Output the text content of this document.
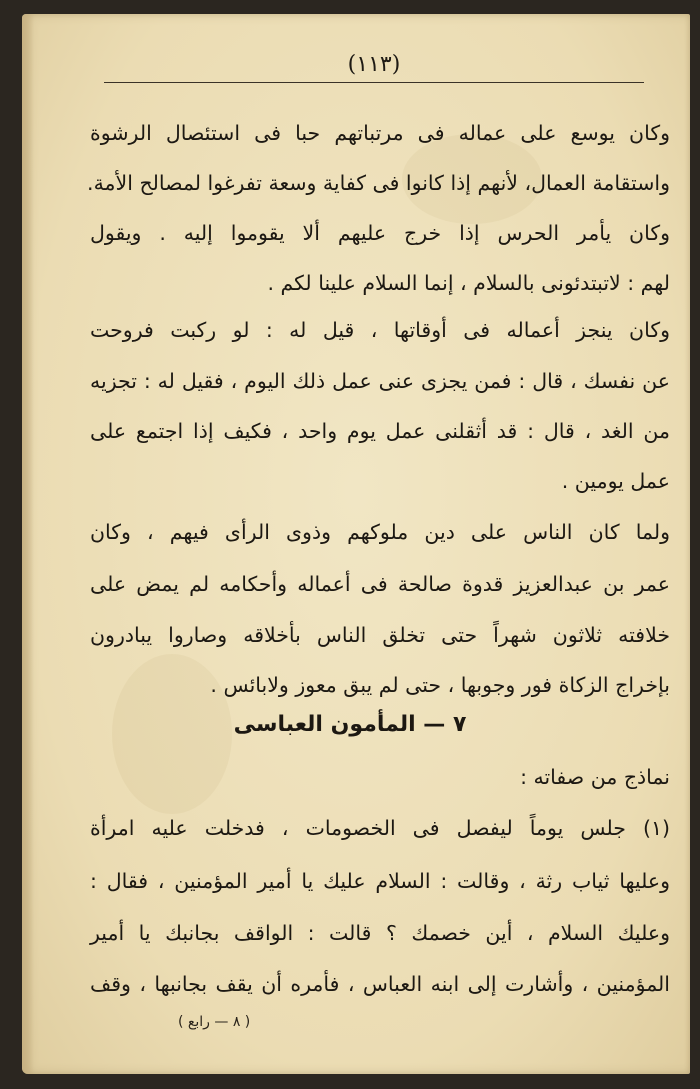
(١١٣)
وكان يوسع على عماله فى مرتباتهم حبا فى استئصال الرشوة
واستقامة العمال، لأنهم إذا كانوا فى كفاية وسعة تفرغوا لمصالح الأمة.
وكان يأمر الحرس إذا خرج عليهم ألا يقوموا إليه . ويقول
لهم : لاتبتدئونى بالسلام ، إنما السلام علينا لكم .
وكان ينجز أعماله فى أوقاتها ، قيل له : لو ركبت فروحت
عن نفسك ، قال : فمن يجزى عنى عمل ذلك اليوم ، فقيل له : تجزيه
من الغد ، قال : قد أثقلنى عمل يوم واحد ، فكيف إذا اجتمع على
عمل يومين .
ولما كان الناس على دين ملوكهم وذوى الرأى فيهم ، وكان
عمر بن عبدالعزيز قدوة صالحة فى أعماله وأحكامه لم يمض على
خلافته ثلاثون شهراً حتى تخلق الناس بأخلاقه وصاروا يبادرون
بإخراج الزكاة فور وجوبها ، حتى لم يبق معوز ولابائس .
٧ — المأمون العباسى
نماذج من صفاته :
(١) جلس يوماً ليفصل فى الخصومات ، فدخلت عليه امرأة
وعليها ثياب رثة ، وقالت : السلام عليك يا أمير المؤمنين ، فقال :
وعليك السلام ، أين خصمك ؟ قالت : الواقف بجانبك يا أمير
المؤمنين ، وأشارت إلى ابنه العباس ، فأمره أن يقف بجانبها ، وقف
( ٨ — رابع )
